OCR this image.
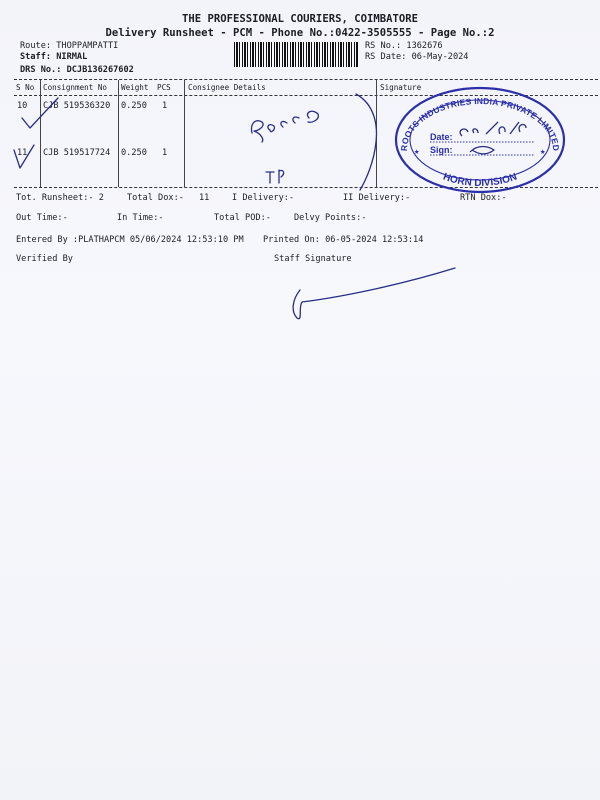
THE PROFESSIONAL COURIERS, COIMBATORE
Delivery Runsheet - PCM - Phone No.:0422-3505555 - Page No.:2
Route: THOPPAMPATTI
Staff: NIRMAL
DRS No.: DCJB136267602
RS No.: 1362676
RS Date: 06-May-2024
S No Consignment No Weight PCS Consignee Details	Signature
10 CJB 519536320 0.250 1
11 CJB 519517724 0.250 1
Tot. Runsheet:- 2	Total Dox:- 11	I Delivery:-	II Delivery:-	RTN Dox:-
Out Time:-	In Time:-	Total POD:-	Delvy Points:-
Entered By :PLATHAPCM 05/06/2024 12:53:10 PM Printed On: 06-05-2024 12:53:14
Verified By	Staff Signature
ROOTS INDUSTRIES INDIA PRIVATE LIMITED
HORN DIVISION
Date:
Sign:
★	★
